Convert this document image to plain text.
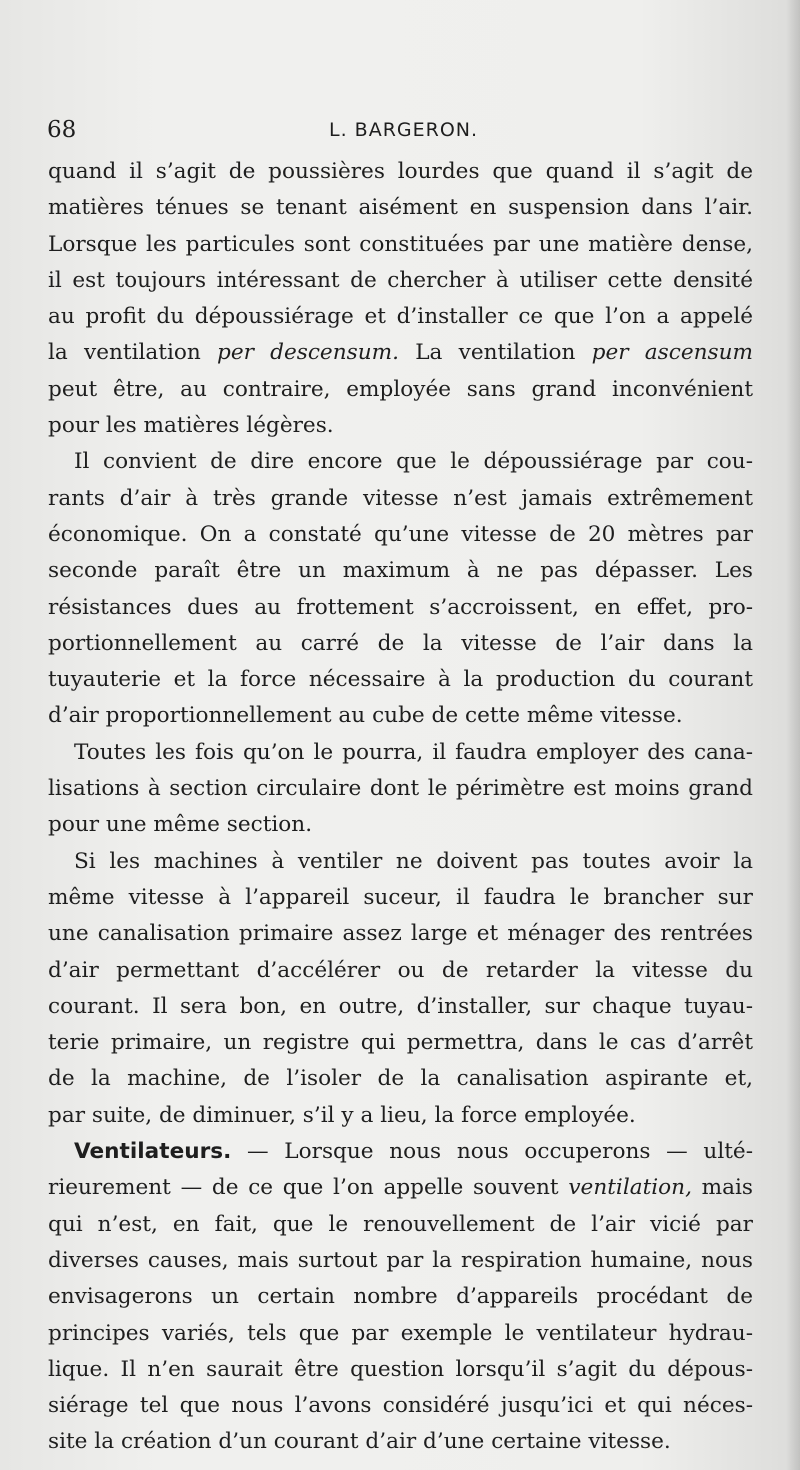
68	L. BARGERON.
quand il s’agit de poussières lourdes que quand il s’agit de
matières ténues se tenant aisément en suspension dans l’air.
Lorsque les particules sont constituées par une matière dense,
il est toujours intéressant de chercher à utiliser cette densité
au profit du dépoussiérage et d’installer ce que l’on a appelé
la ventilation per descensum. La ventilation per ascensum
peut être, au contraire, employée sans grand inconvénient
pour les matières légères.
Il convient de dire encore que le dépoussiérage par cou-
rants d’air à très grande vitesse n’est jamais extrêmement
économique. On a constaté qu’une vitesse de 20 mètres par
seconde paraît être un maximum à ne pas dépasser. Les
résistances dues au frottement s’accroissent, en effet, pro-
portionnellement au carré de la vitesse de l’air dans la
tuyauterie et la force nécessaire à la production du courant
d’air proportionnellement au cube de cette même vitesse.
Toutes les fois qu’on le pourra, il faudra employer des cana-
lisations à section circulaire dont le périmètre est moins grand
pour une même section.
Si les machines à ventiler ne doivent pas toutes avoir la
même vitesse à l’appareil suceur, il faudra le brancher sur
une canalisation primaire assez large et ménager des rentrées
d’air permettant d’accélérer ou de retarder la vitesse du
courant. Il sera bon, en outre, d’installer, sur chaque tuyau-
terie primaire, un registre qui permettra, dans le cas d’arrêt
de la machine, de l’isoler de la canalisation aspirante et,
par suite, de diminuer, s’il y a lieu, la force employée.
Ventilateurs. — Lorsque nous nous occuperons — ulté-
rieurement — de ce que l’on appelle souvent ventilation, mais
qui n’est, en fait, que le renouvellement de l’air vicié par
diverses causes, mais surtout par la respiration humaine, nous
envisagerons un certain nombre d’appareils procédant de
principes variés, tels que par exemple le ventilateur hydrau-
lique. Il n’en saurait être question lorsqu’il s’agit du dépous-
siérage tel que nous l’avons considéré jusqu’ici et qui néces-
site la création d’un courant d’air d’une certaine vitesse.
